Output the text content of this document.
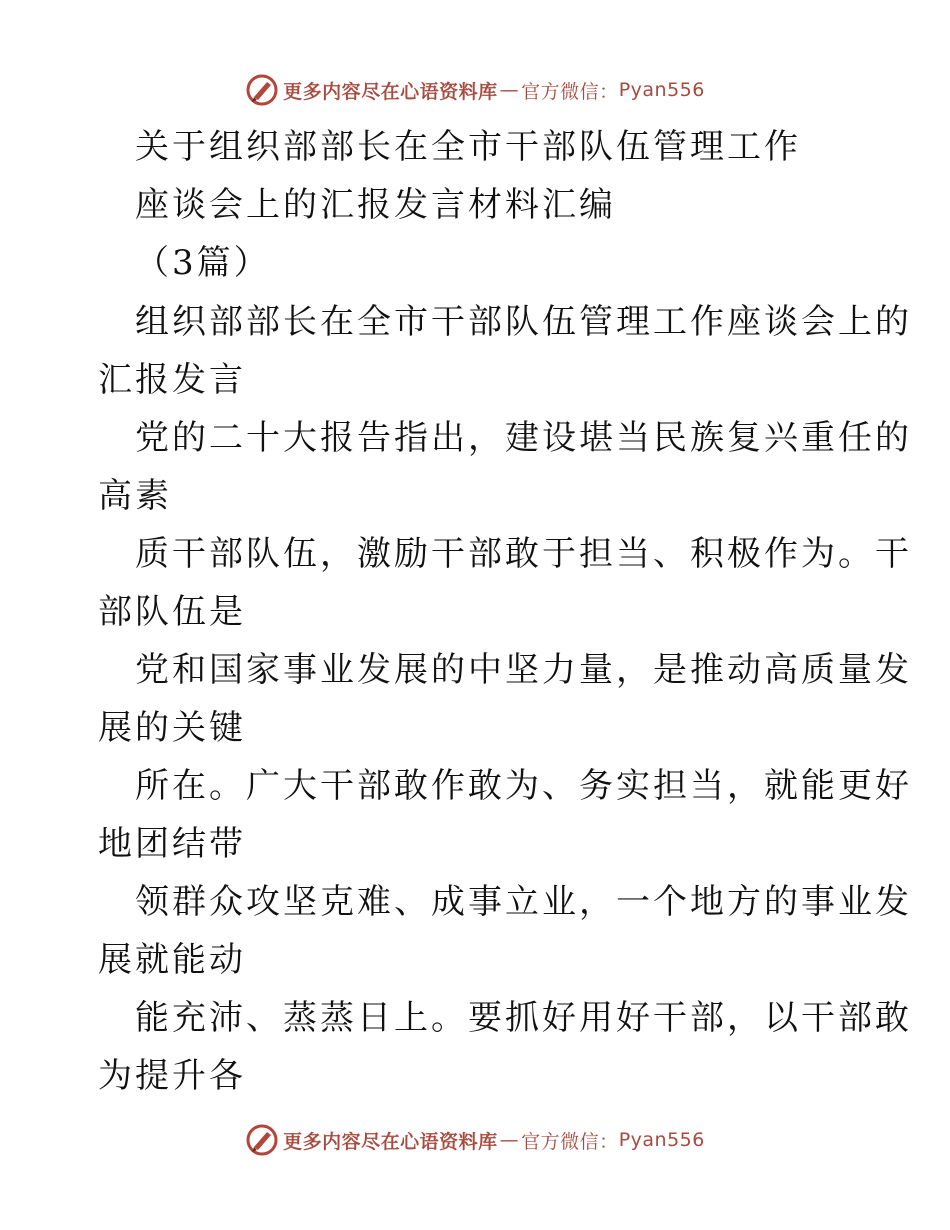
更多内容尽在心语资料库 — 官方微信： Pyan556
关于组织部部长在全市干部队伍管理工作
座谈会上的汇报发言材料汇编
（3篇）
组织部部长在全市干部队伍管理工作座谈会上的
汇报发言
党的二十大报告指出，建设堪当民族复兴重任的
高素
质干部队伍，激励干部敢于担当、积极作为。干
部队伍是
党和国家事业发展的中坚力量，是推动高质量发
展的关键
所在。广大干部敢作敢为、务实担当，就能更好
地团结带
领群众攻坚克难、成事立业，一个地方的事业发
展就能动
能充沛、蒸蒸日上。要抓好用好干部，以干部敢
为提升各
更多内容尽在心语资料库 — 官方微信： Pyan556
